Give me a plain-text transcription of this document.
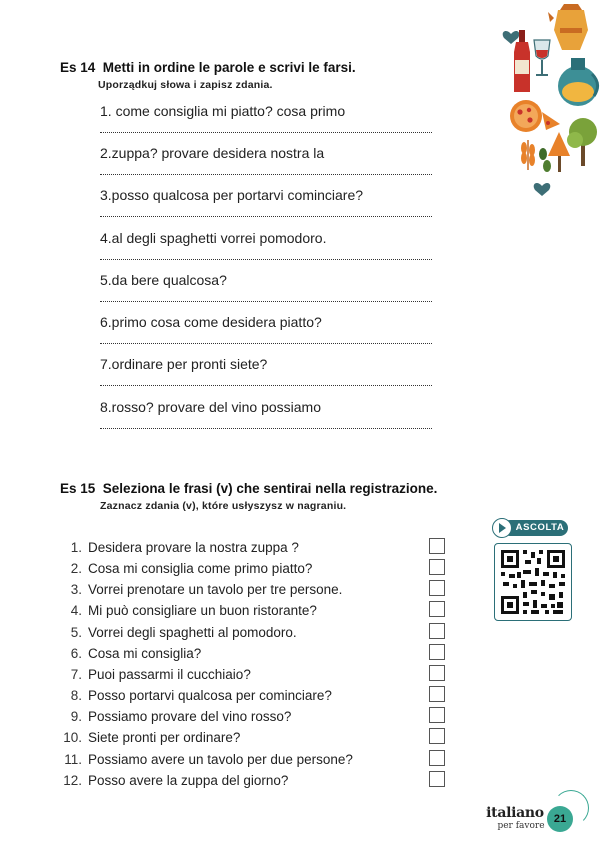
Es 14 Metti in ordine le parole e scrivi le farsi.
Uporządkuj słowa i zapisz zdania.
1. come consiglia mi piatto? cosa primo
2.zuppa? provare desidera nostra la
3.posso qualcosa per portarvi cominciare?
4.al degli spaghetti vorrei pomodoro.
5.da bere qualcosa?
6.primo cosa come desidera piatto?
7.ordinare per pronti siete?
8.rosso? provare del vino possiamo
Es 15 Seleziona le frasi (v) che sentirai nella registrazione.
Zaznacz zdania (v), które usłyszysz w nagraniu.
ASCOLTA
1. Desidera provare la nostra zuppa ?
2. Cosa mi consiglia come primo piatto?
3. Vorrei prenotare un tavolo per tre persone.
4. Mi può consigliare un buon ristorante?
5. Vorrei degli spaghetti al pomodoro.
6. Cosa mi consiglia?
7. Puoi passarmi il cucchiaio?
8. Posso portarvi qualcosa per cominciare?
9. Possiamo provare del vino rosso?
10. Siete pronti per ordinare?
11. Possiamo avere un tavolo per due persone?
12. Posso avere la zuppa del giorno?
italiano
per favore
21
